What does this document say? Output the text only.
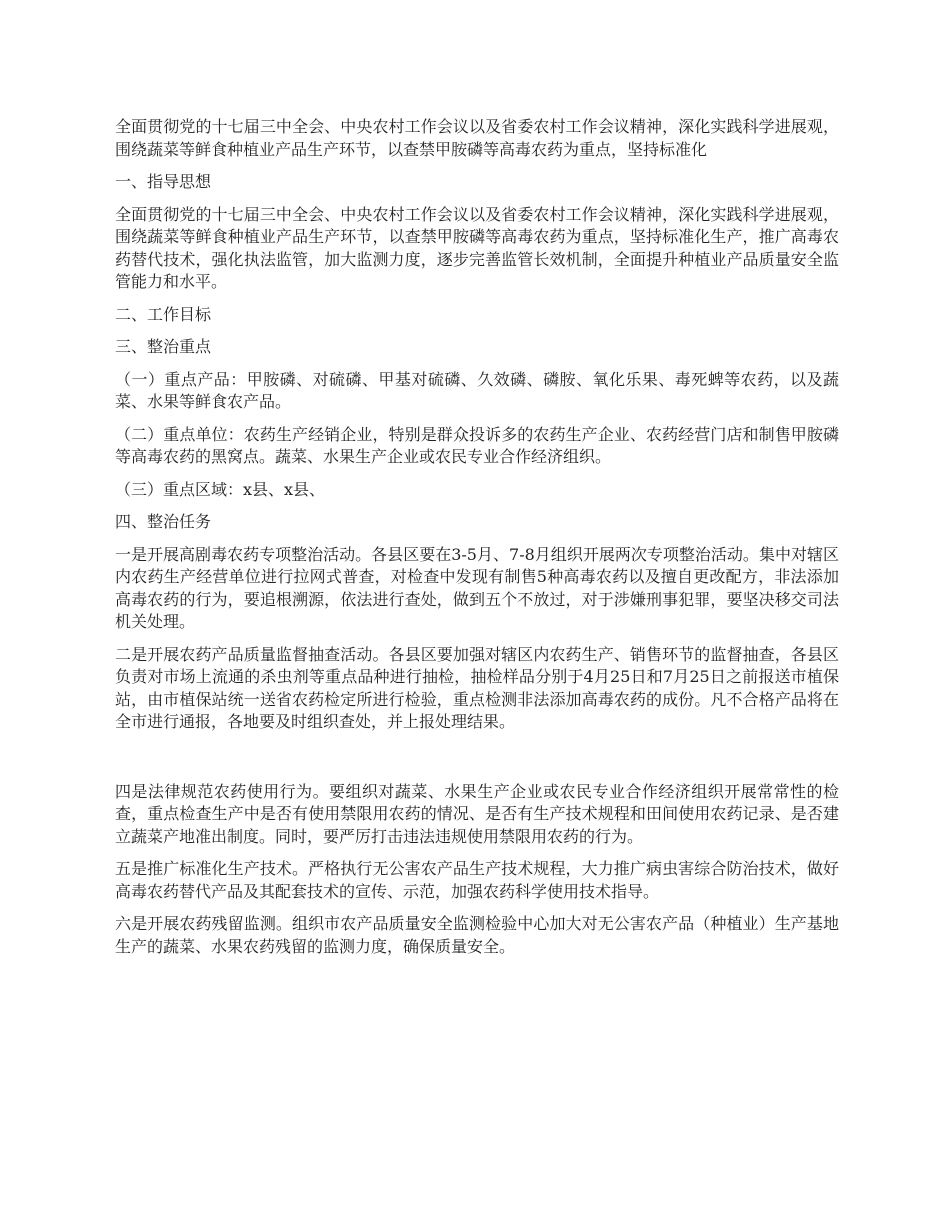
全面贯彻党的十七届三中全会、中央农村工作会议以及省委农村工作会议精神，深化实践科学进展观，围绕蔬菜等鲜食种植业产品生产环节，以查禁甲胺磷等高毒农药为重点，坚持标准化

一、指导思想

全面贯彻党的十七届三中全会、中央农村工作会议以及省委农村工作会议精神，深化实践科学进展观，围绕蔬菜等鲜食种植业产品生产环节，以查禁甲胺磷等高毒农药为重点，坚持标准化生产，推广高毒农药替代技术，强化执法监管，加大监测力度，逐步完善监管长效机制，全面提升种植业产品质量安全监管能力和水平。

二、工作目标

三、整治重点

（一）重点产品：甲胺磷、对硫磷、甲基对硫磷、久效磷、磷胺、氧化乐果、毒死蜱等农药，以及蔬菜、水果等鲜食农产品。

（二）重点单位：农药生产经销企业，特别是群众投诉多的农药生产企业、农药经营门店和制售甲胺磷等高毒农药的黑窝点。蔬菜、水果生产企业或农民专业合作经济组织。

（三）重点区域：x县、x县、

四、整治任务

一是开展高剧毒农药专项整治活动。各县区要在3-5月、7-8月组织开展两次专项整治活动。集中对辖区内农药生产经营单位进行拉网式普查，对检查中发现有制售5种高毒农药以及擅自更改配方，非法添加高毒农药的行为，要追根溯源，依法进行查处，做到五个不放过，对于涉嫌刑事犯罪，要坚决移交司法机关处理。

二是开展农药产品质量监督抽查活动。各县区要加强对辖区内农药生产、销售环节的监督抽查，各县区负责对市场上流通的杀虫剂等重点品种进行抽检，抽检样品分别于4月25日和7月25日之前报送市植保站，由市植保站统一送省农药检定所进行检验，重点检测非法添加高毒农药的成份。凡不合格产品将在全市进行通报，各地要及时组织查处，并上报处理结果。

四是法律规范农药使用行为。要组织对蔬菜、水果生产企业或农民专业合作经济组织开展常常性的检查，重点检查生产中是否有使用禁限用农药的情况、是否有生产技术规程和田间使用农药记录、是否建立蔬菜产地准出制度。同时，要严厉打击违法违规使用禁限用农药的行为。

五是推广标准化生产技术。严格执行无公害农产品生产技术规程，大力推广病虫害综合防治技术，做好高毒农药替代产品及其配套技术的宣传、示范，加强农药科学使用技术指导。

六是开展农药残留监测。组织市农产品质量安全监测检验中心加大对无公害农产品（种植业）生产基地生产的蔬菜、水果农药残留的监测力度，确保质量安全。
